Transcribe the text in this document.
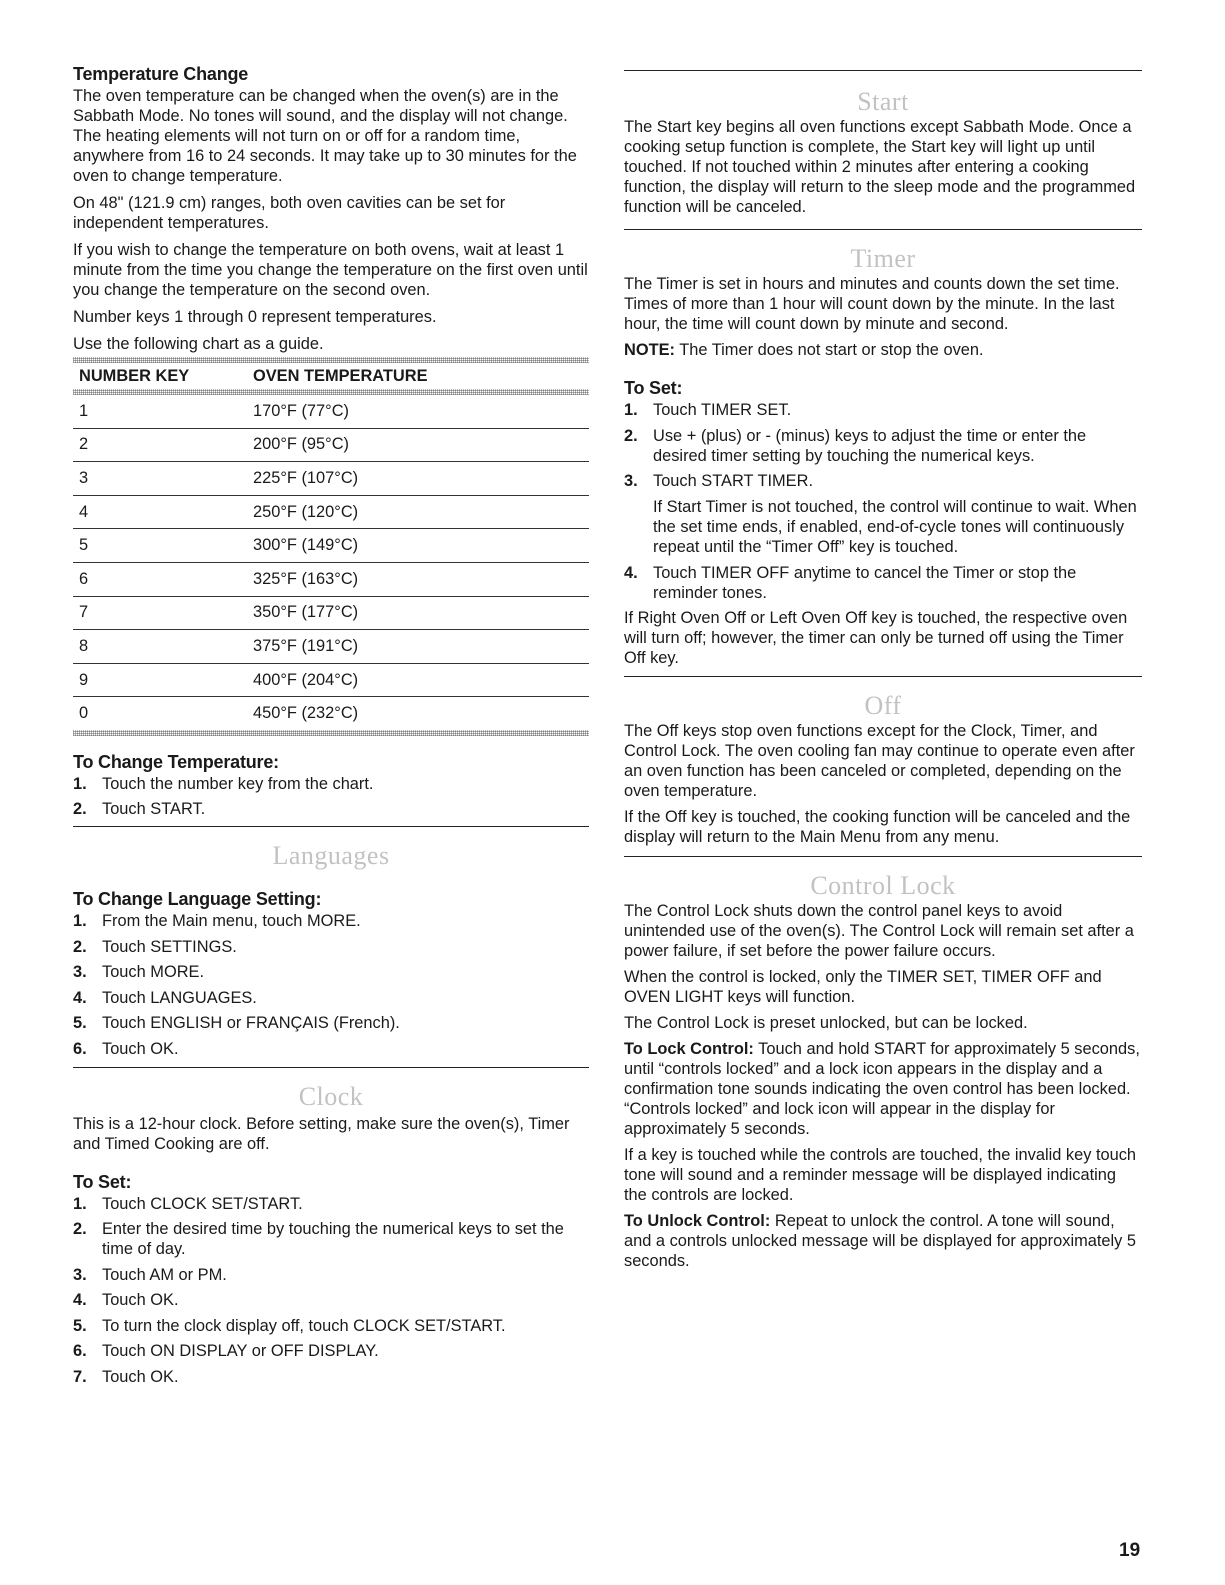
Temperature Change

The oven temperature can be changed when the oven(s) are in the Sabbath Mode. No tones will sound, and the display will not change. The heating elements will not turn on or off for a random time, anywhere from 16 to 24 seconds. It may take up to 30 minutes for the oven to change temperature.

On 48" (121.9 cm) ranges, both oven cavities can be set for independent temperatures.

If you wish to change the temperature on both ovens, wait at least 1 minute from the time you change the temperature on the first oven until you change the temperature on the second oven.

Number keys 1 through 0 represent temperatures.

Use the following chart as a guide.

NUMBER KEY	OVEN TEMPERATURE
1	170°F (77°C)
2	200°F (95°C)
3	225°F (107°C)
4	250°F (120°C)
5	300°F (149°C)
6	325°F (163°C)
7	350°F (177°C)
8	375°F (191°C)
9	400°F (204°C)
0	450°F (232°C)
To Change Temperature:
1. Touch the number key from the chart.
2. Touch START.
Languages
To Change Language Setting:
1. From the Main menu, touch MORE.
2. Touch SETTINGS.
3. Touch MORE.
4. Touch LANGUAGES.
5. Touch ENGLISH or FRANÇAIS (French).
6. Touch OK.
Clock

This is a 12-hour clock. Before setting, make sure the oven(s), Timer and Timed Cooking are off.

To Set:
1. Touch CLOCK SET/START.
2. Enter the desired time by touching the numerical keys to set the time of day.
3. Touch AM or PM.
4. Touch OK.
5. To turn the clock display off, touch CLOCK SET/START.
6. Touch ON DISPLAY or OFF DISPLAY.
7. Touch OK.
Start

The Start key begins all oven functions except Sabbath Mode. Once a cooking setup function is complete, the Start key will light up until touched. If not touched within 2 minutes after entering a cooking function, the display will return to the sleep mode and the programmed function will be canceled.

Timer

The Timer is set in hours and minutes and counts down the set time. Times of more than 1 hour will count down by the minute. In the last hour, the time will count down by minute and second.

NOTE: The Timer does not start or stop the oven.

To Set:
1. Touch TIMER SET.
2. Use + (plus) or - (minus) keys to adjust the time or enter the desired timer setting by touching the numerical keys.
3. Touch START TIMER.
If Start Timer is not touched, the control will continue to wait. When the set time ends, if enabled, end-of-cycle tones will continuously repeat until the “Timer Off” key is touched.
4. Touch TIMER OFF anytime to cancel the Timer or stop the reminder tones.

If Right Oven Off or Left Oven Off key is touched, the respective oven will turn off; however, the timer can only be turned off using the Timer Off key.

Off

The Off keys stop oven functions except for the Clock, Timer, and Control Lock. The oven cooling fan may continue to operate even after an oven function has been canceled or completed, depending on the oven temperature.

If the Off key is touched, the cooking function will be canceled and the display will return to the Main Menu from any menu.

Control Lock

The Control Lock shuts down the control panel keys to avoid unintended use of the oven(s). The Control Lock will remain set after a power failure, if set before the power failure occurs.

When the control is locked, only the TIMER SET, TIMER OFF and OVEN LIGHT keys will function.

The Control Lock is preset unlocked, but can be locked.

To Lock Control: Touch and hold START for approximately 5 seconds, until “controls locked” and a lock icon appears in the display and a confirmation tone sounds indicating the oven control has been locked. “Controls locked” and lock icon will appear in the display for approximately 5 seconds.

If a key is touched while the controls are touched, the invalid key touch tone will sound and a reminder message will be displayed indicating the controls are locked.

To Unlock Control: Repeat to unlock the control. A tone will sound, and a controls unlocked message will be displayed for approximately 5 seconds.

19
